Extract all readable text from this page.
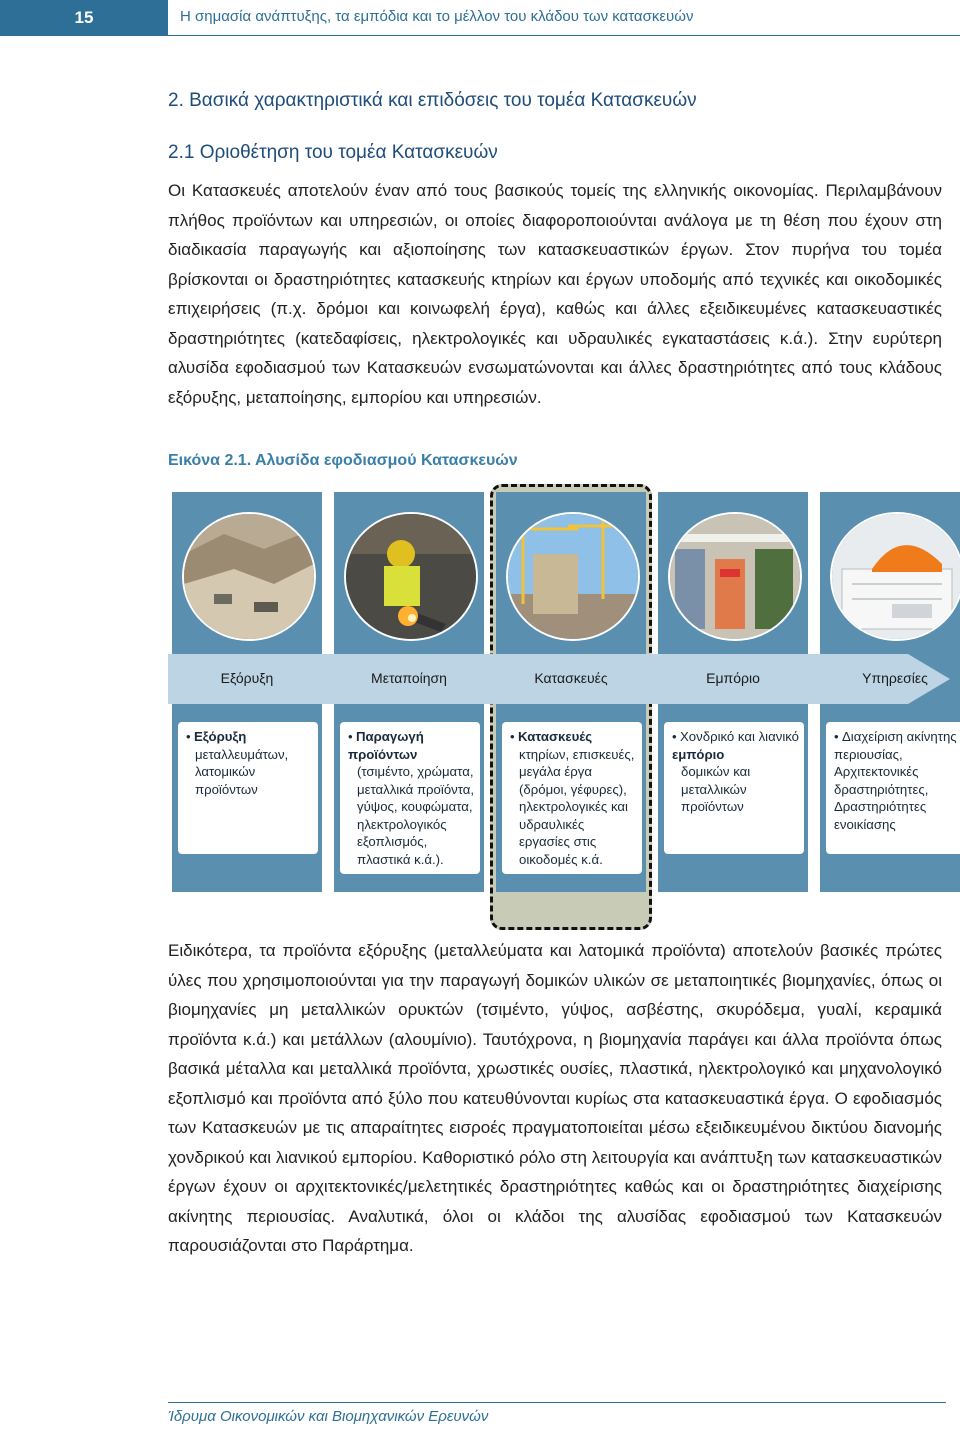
15	Η σημασία ανάπτυξης, τα εμπόδια και το μέλλον του κλάδου των κατασκευών
2. Βασικά χαρακτηριστικά και επιδόσεις του τομέα Κατασκευών
2.1 Οριοθέτηση του τομέα Κατασκευών
Οι Κατασκευές αποτελούν έναν από τους βασικούς τομείς της ελληνικής οικονομίας. Περιλαμβάνουν πλήθος προϊόντων και υπηρεσιών, οι οποίες διαφοροποιούνται ανάλογα με τη θέση που έχουν στη διαδικασία παραγωγής και αξιοποίησης των κατασκευαστικών έργων. Στον πυρήνα του τομέα βρίσκονται οι δραστηριότητες κατασκευής κτηρίων και έργων υποδομής από τεχνικές και οικοδομικές επιχειρήσεις (π.χ. δρόμοι και κοινωφελή έργα), καθώς και άλλες εξειδικευμένες κατασκευαστικές δραστηριότητες (κατεδαφίσεις, ηλεκτρολογικές και υδραυλικές εγκαταστάσεις κ.ά.). Στην ευρύτερη αλυσίδα εφοδιασμού των Κατασκευών ενσωματώνονται και άλλες δραστηριότητες από τους κλάδους εξόρυξης, μεταποίησης, εμπορίου και υπηρεσιών.
Εικόνα 2.1. Αλυσίδα εφοδιασμού Κατασκευών
Εξόρυξη	Μεταποίηση	Κατασκευές	Εμπόριο	Υπηρεσίες
• Εξόρυξη
μεταλλευμάτων, λατομικών προϊόντων
• Παραγωγή προϊόντων
(τσιμέντο, χρώματα, μεταλλικά προϊόντα, γύψος, κουφώματα, ηλεκτρολογικός εξοπλισμός, πλαστικά κ.ά.).
• Κατασκευές
κτηρίων, επισκευές, μεγάλα έργα (δρόμοι, γέφυρες), ηλεκτρολογικές και υδραυλικές εργασίες στις οικοδομές κ.ά.
• Χονδρικό και λιανικό εμπόριο
δομικών και μεταλλικών προϊόντων
• Διαχείριση ακίνητης περιουσίας, Αρχιτεκτονικές δραστηριότητες, Δραστηριότητες ενοικίασης
Ειδικότερα, τα προϊόντα εξόρυξης (μεταλλεύματα και λατομικά προϊόντα) αποτελούν βασικές πρώτες ύλες που χρησιμοποιούνται για την παραγωγή δομικών υλικών σε μεταποιητικές βιομηχανίες, όπως οι βιομηχανίες μη μεταλλικών ορυκτών (τσιμέντο, γύψος, ασβέστης, σκυρόδεμα, γυαλί, κεραμικά προϊόντα κ.ά.) και μετάλλων (αλουμίνιο). Ταυτόχρονα, η βιομηχανία παράγει και άλλα προϊόντα όπως βασικά μέταλλα και μεταλλικά προϊόντα, χρωστικές ουσίες, πλαστικά, ηλεκτρολογικό και μηχανολογικό εξοπλισμό και προϊόντα από ξύλο που κατευθύνονται κυρίως στα κατασκευαστικά έργα. Ο εφοδιασμός των Κατασκευών με τις απαραίτητες εισροές πραγματοποιείται μέσω εξειδικευμένου δικτύου διανομής χονδρικού και λιανικού εμπορίου. Καθοριστικό ρόλο στη λειτουργία και ανάπτυξη των κατασκευαστικών έργων έχουν οι αρχιτεκτονικές/μελετητικές δραστηριότητες καθώς και οι δραστηριότητες διαχείρισης ακίνητης περιουσίας. Αναλυτικά, όλοι οι κλάδοι της αλυσίδας εφοδιασμού των Κατασκευών παρουσιάζονται στο Παράρτημα.
Ίδρυμα Οικονομικών και Βιομηχανικών Ερευνών
